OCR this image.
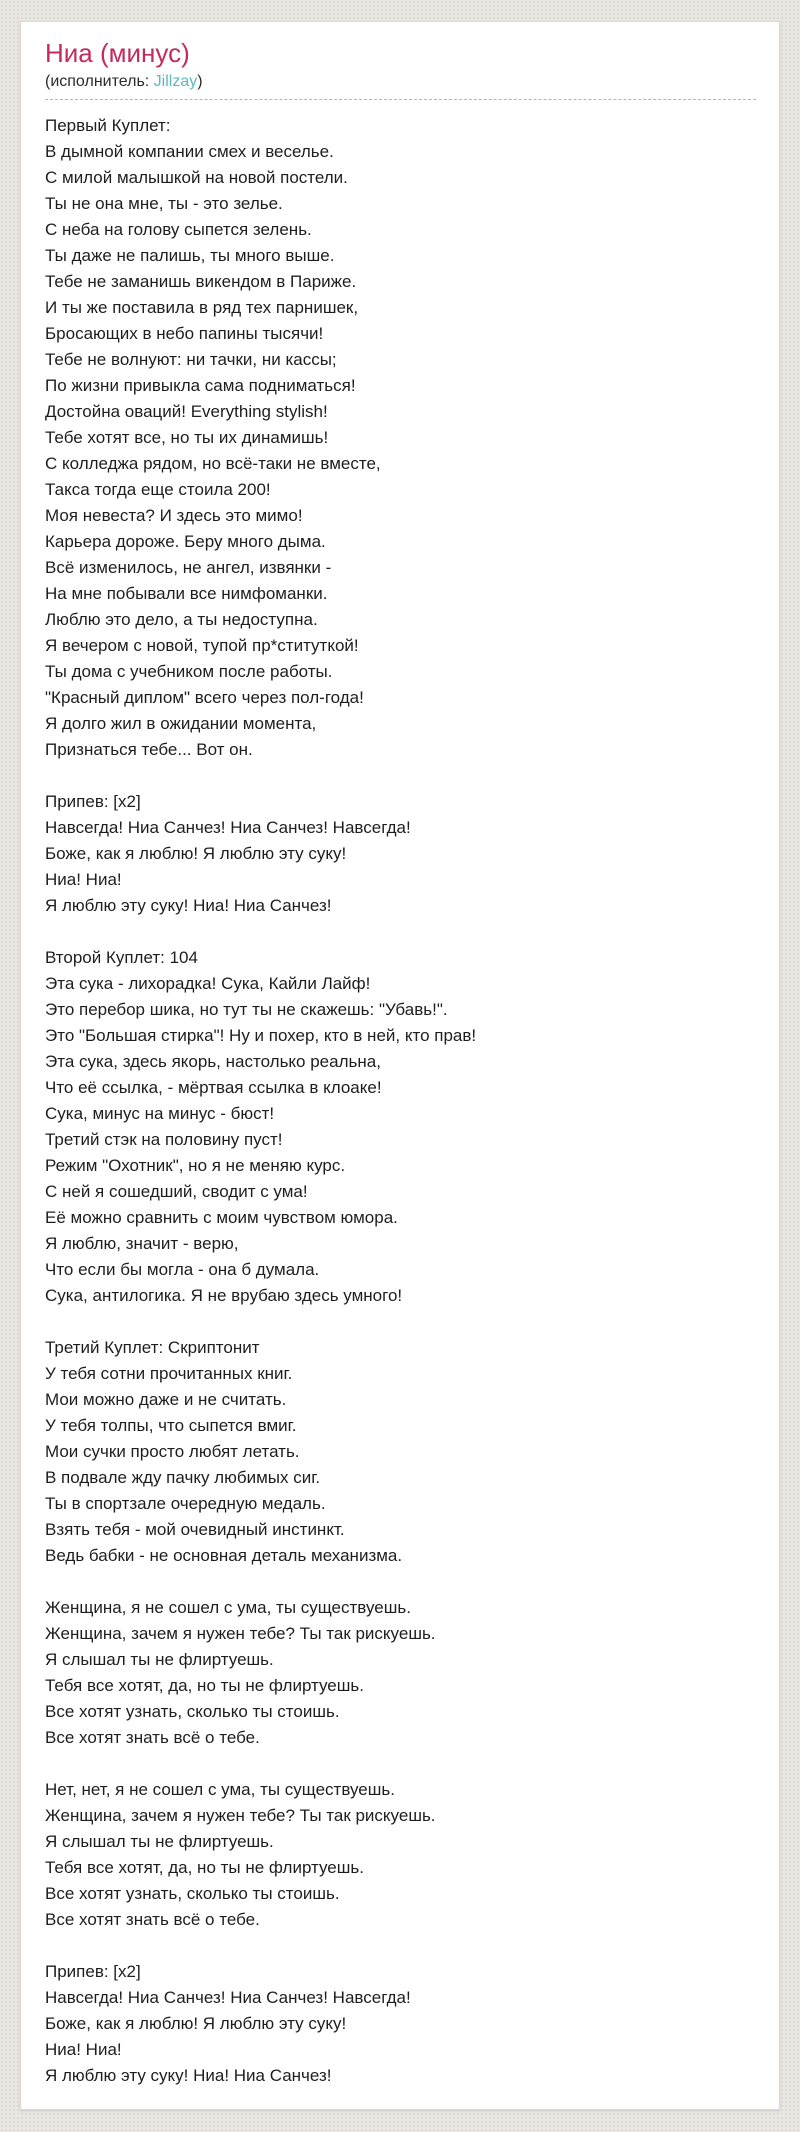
Ниа (минус)
(исполнитель: Jillzay)
Первый Куплет:
В дымной компании смех и веселье.
С милой малышкой на новой постели.
Ты не она мне, ты - это зелье.
С неба на голову сыпется зелень.
Ты даже не палишь, ты много выше.
Тебе не заманишь викендом в Париже.
И ты же поставила в ряд тех парнишек,
Бросающих в небо папины тысячи!
Тебе не волнуют: ни тачки, ни кассы;
По жизни привыкла сама подниматься!
Достойна оваций! Everything stylish!
Тебе хотят все, но ты их динамишь!
С колледжа рядом, но всё-таки не вместе,
Такса тогда еще стоила 200!
Моя невеста? И здесь это мимо!
Карьера дороже. Беру много дыма.
Всё изменилось, не ангел, извянки -
На мне побывали все нимфоманки.
Люблю это дело, а ты недоступна.
Я вечером с новой, тупой пр*ституткой!
Ты дома с учебником после работы.
"Красный диплом" всего через пол-года!
Я долго жил в ожидании момента,
Признаться тебе... Вот он.
Припев: [x2]
Навсегда! Ниа Санчез! Ниа Санчез! Навсегда!
Боже, как я люблю! Я люблю эту суку!
Ниа! Ниа!
Я люблю эту суку! Ниа! Ниа Санчез!
Второй Куплет: 104
Эта сука - лихорадка! Сука, Кайли Лайф!
Это перебор шика, но тут ты не скажешь: "Убавь!".
Это "Большая стирка"! Ну и похер, кто в ней, кто прав!
Эта сука, здесь якорь, настолько реальна,
Что её ссылка, - мёртвая ссылка в клоаке!
Сука, минус на минус - бюст!
Третий стэк на половину пуст!
Режим "Охотник", но я не меняю курс.
С ней я сошедший, сводит с ума!
Её можно сравнить с моим чувством юмора.
Я люблю, значит - верю,
Что если бы могла - она б думала.
Сука, антилогика. Я не врубаю здесь умного!
Третий Куплет: Скриптонит
У тебя сотни прочитанных книг.
Мои можно даже и не считать.
У тебя толпы, что сыпется вмиг.
Мои сучки просто любят летать.
В подвале жду пачку любимых сиг.
Ты в спортзале очередную медаль.
Взять тебя - мой очевидный инстинкт.
Ведь бабки - не основная деталь механизма.
Женщина, я не сошел с ума, ты существуешь.
Женщина, зачем я нужен тебе? Ты так рискуешь.
Я слышал ты не флиртуешь.
Тебя все хотят, да, но ты не флиртуешь.
Все хотят узнать, сколько ты стоишь.
Все хотят знать всё о тебе.
Нет, нет, я не сошел с ума, ты существуешь.
Женщина, зачем я нужен тебе? Ты так рискуешь.
Я слышал ты не флиртуешь.
Тебя все хотят, да, но ты не флиртуешь.
Все хотят узнать, сколько ты стоишь.
Все хотят знать всё о тебе.
Припев: [x2]
Навсегда! Ниа Санчез! Ниа Санчез! Навсегда!
Боже, как я люблю! Я люблю эту суку!
Ниа! Ниа!
Я люблю эту суку! Ниа! Ниа Санчез!
